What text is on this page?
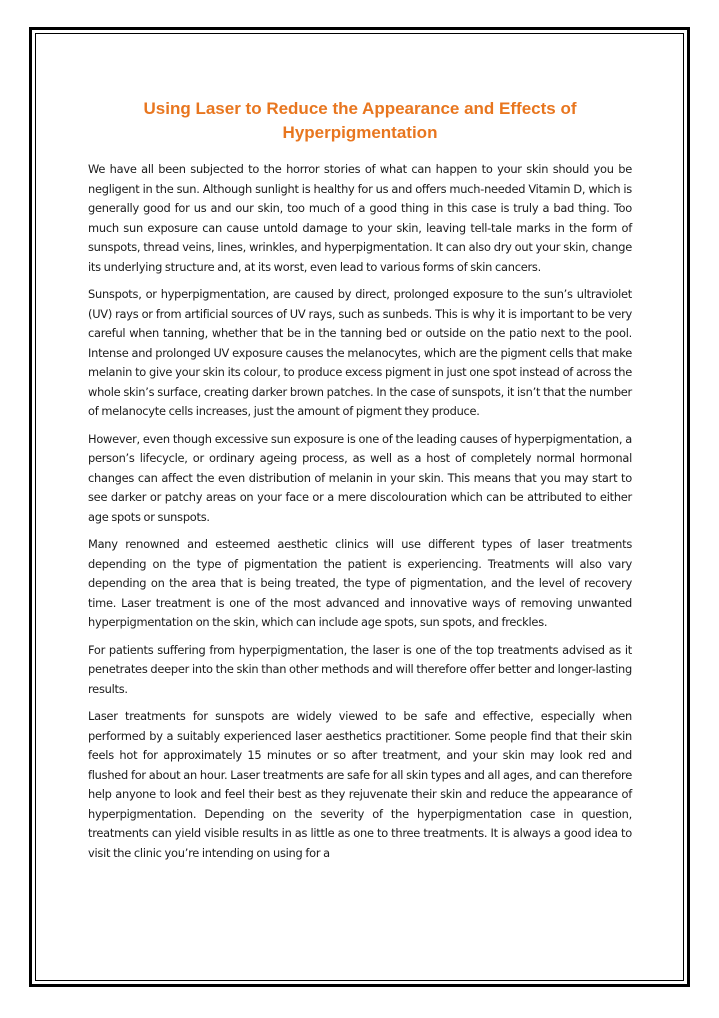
Using Laser to Reduce the Appearance and Effects of Hyperpigmentation

We have all been subjected to the horror stories of what can happen to your skin should you be negligent in the sun. Although sunlight is healthy for us and offers much-needed Vitamin D, which is generally good for us and our skin, too much of a good thing in this case is truly a bad thing. Too much sun exposure can cause untold damage to your skin, leaving tell-tale marks in the form of sunspots, thread veins, lines, wrinkles, and hyperpigmentation. It can also dry out your skin, change its underlying structure and, at its worst, even lead to various forms of skin cancers.

Sunspots, or hyperpigmentation, are caused by direct, prolonged exposure to the sun’s ultraviolet (UV) rays or from artificial sources of UV rays, such as sunbeds. This is why it is important to be very careful when tanning, whether that be in the tanning bed or outside on the patio next to the pool. Intense and prolonged UV exposure causes the melanocytes, which are the pigment cells that make melanin to give your skin its colour, to produce excess pigment in just one spot instead of across the whole skin’s surface, creating darker brown patches. In the case of sunspots, it isn’t that the number of melanocyte cells increases, just the amount of pigment they produce.

However, even though excessive sun exposure is one of the leading causes of hyperpigmentation, a person’s lifecycle, or ordinary ageing process, as well as a host of completely normal hormonal changes can affect the even distribution of melanin in your skin. This means that you may start to see darker or patchy areas on your face or a mere discolouration which can be attributed to either age spots or sunspots.

Many renowned and esteemed aesthetic clinics will use different types of laser treatments depending on the type of pigmentation the patient is experiencing. Treatments will also vary depending on the area that is being treated, the type of pigmentation, and the level of recovery time. Laser treatment is one of the most advanced and innovative ways of removing unwanted hyperpigmentation on the skin, which can include age spots, sun spots, and freckles.

For patients suffering from hyperpigmentation, the laser is one of the top treatments advised as it penetrates deeper into the skin than other methods and will therefore offer better and longer-lasting results.

Laser treatments for sunspots are widely viewed to be safe and effective, especially when performed by a suitably experienced laser aesthetics practitioner. Some people find that their skin feels hot for approximately 15 minutes or so after treatment, and your skin may look red and flushed for about an hour. Laser treatments are safe for all skin types and all ages, and can therefore help anyone to look and feel their best as they rejuvenate their skin and reduce the appearance of hyperpigmentation. Depending on the severity of the hyperpigmentation case in question, treatments can yield visible results in as little as one to three treatments. It is always a good idea to visit the clinic you’re intending on using for a
